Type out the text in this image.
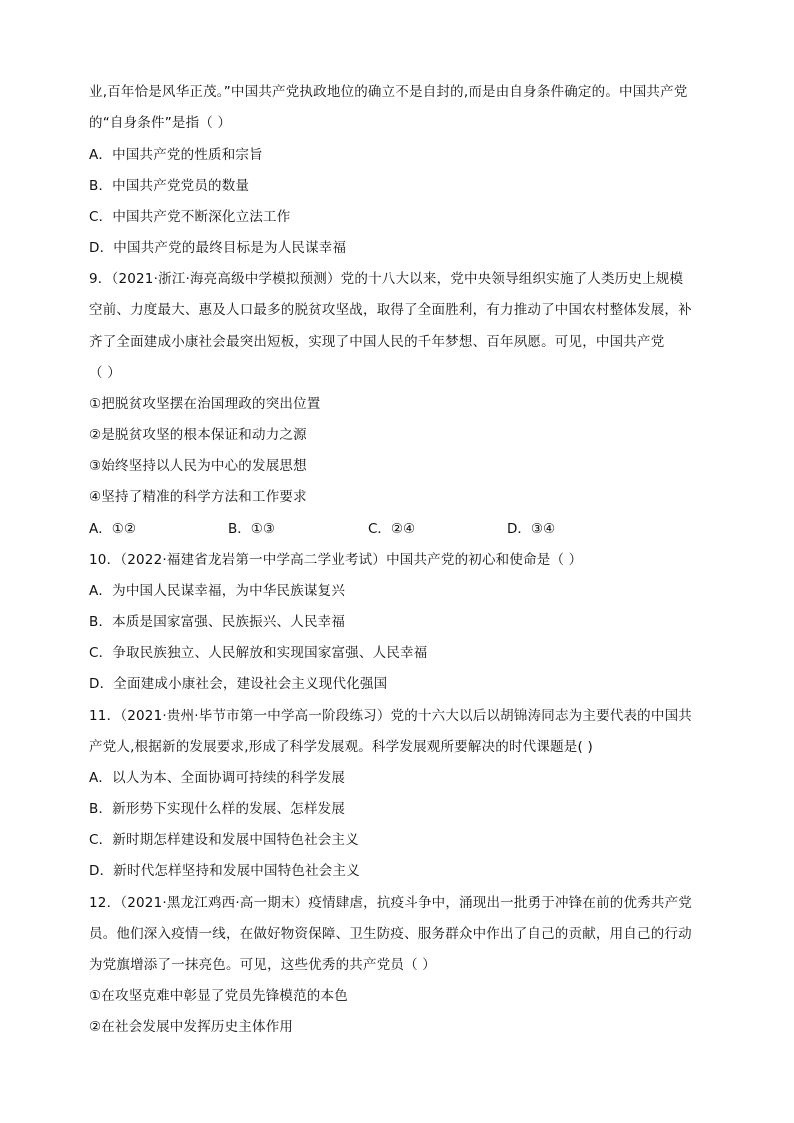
业,百年恰是风华正茂。”中国共产党执政地位的确立不是自封的,而是由自身条件确定的。中国共产党
的“自身条件”是指（ ）
A．中国共产党的性质和宗旨
B．中国共产党党员的数量
C．中国共产党不断深化立法工作
D．中国共产党的最终目标是为人民谋幸福
9．（2021·浙江·海亮高级中学模拟预测）党的十八大以来，党中央领导组织实施了人类历史上规模
空前、力度最大、惠及人口最多的脱贫攻坚战，取得了全面胜利，有力推动了中国农村整体发展，补
齐了全面建成小康社会最突出短板，实现了中国人民的千年梦想、百年夙愿。可见，中国共产党
（ ）
①把脱贫攻坚摆在治国理政的突出位置
②是脱贫攻坚的根本保证和动力之源
③始终坚持以人民为中心的发展思想
④坚持了精准的科学方法和工作要求
A．①②	B．①③	C．②④	D．③④
10．（2022·福建省龙岩第一中学高二学业考试）中国共产党的初心和使命是（ ）
A．为中国人民谋幸福，为中华民族谋复兴
B．本质是国家富强、民族振兴、人民幸福
C．争取民族独立、人民解放和实现国家富强、人民幸福
D．全面建成小康社会，建设社会主义现代化强国
11．（2021·贵州·毕节市第一中学高一阶段练习）党的十六大以后以胡锦涛同志为主要代表的中国共
产党人,根据新的发展要求,形成了科学发展观。科学发展观所要解决的时代课题是( )
A．以人为本、全面协调可持续的科学发展
B．新形势下实现什么样的发展、怎样发展
C．新时期怎样建设和发展中国特色社会主义
D．新时代怎样坚持和发展中国特色社会主义
12．（2021·黑龙江鸡西·高一期末）疫情肆虐，抗疫斗争中，涌现出一批勇于冲锋在前的优秀共产党
员。他们深入疫情一线，在做好物资保障、卫生防疫、服务群众中作出了自己的贡献，用自己的行动
为党旗增添了一抹亮色。可见，这些优秀的共产党员（ ）
①在攻坚克难中彰显了党员先锋模范的本色
②在社会发展中发挥历史主体作用
